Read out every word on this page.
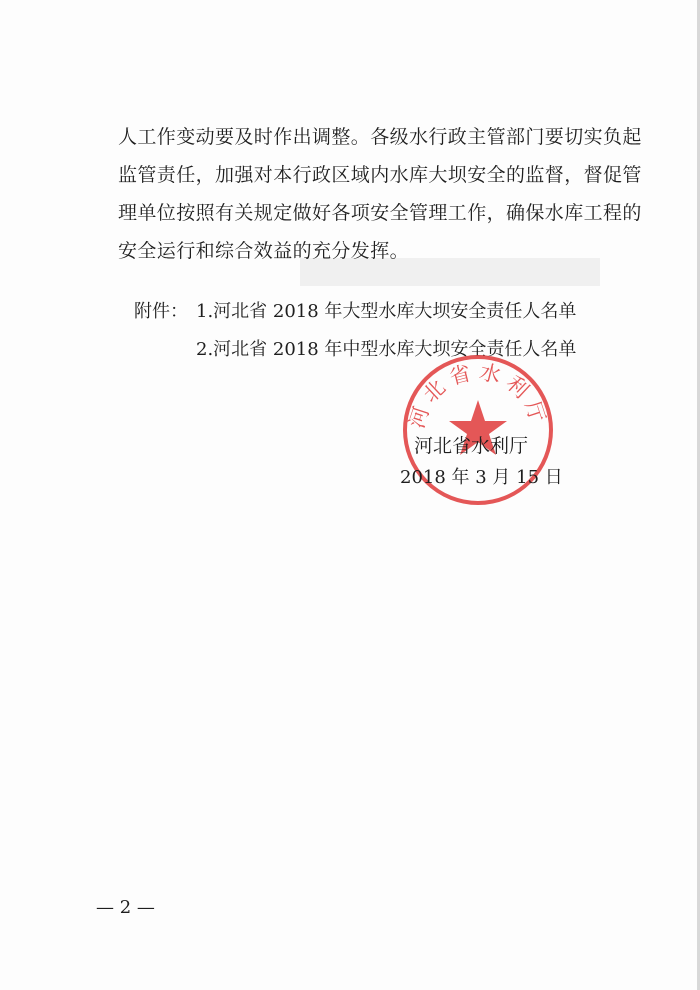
人工作变动要及时作出调整。各级水行政主管部门要切实负起
监管责任，加强对本行政区域内水库大坝安全的监督，督促管
理单位按照有关规定做好各项安全管理工作，确保水库工程的
安全运行和综合效益的充分发挥。
附件： 1.河北省 2018 年大型水库大坝安全责任人名单
2.河北省 2018 年中型水库大坝安全责任人名单
河北省水利厅
河北省水利厅
2018 年 3 月 15 日
— 2 —
